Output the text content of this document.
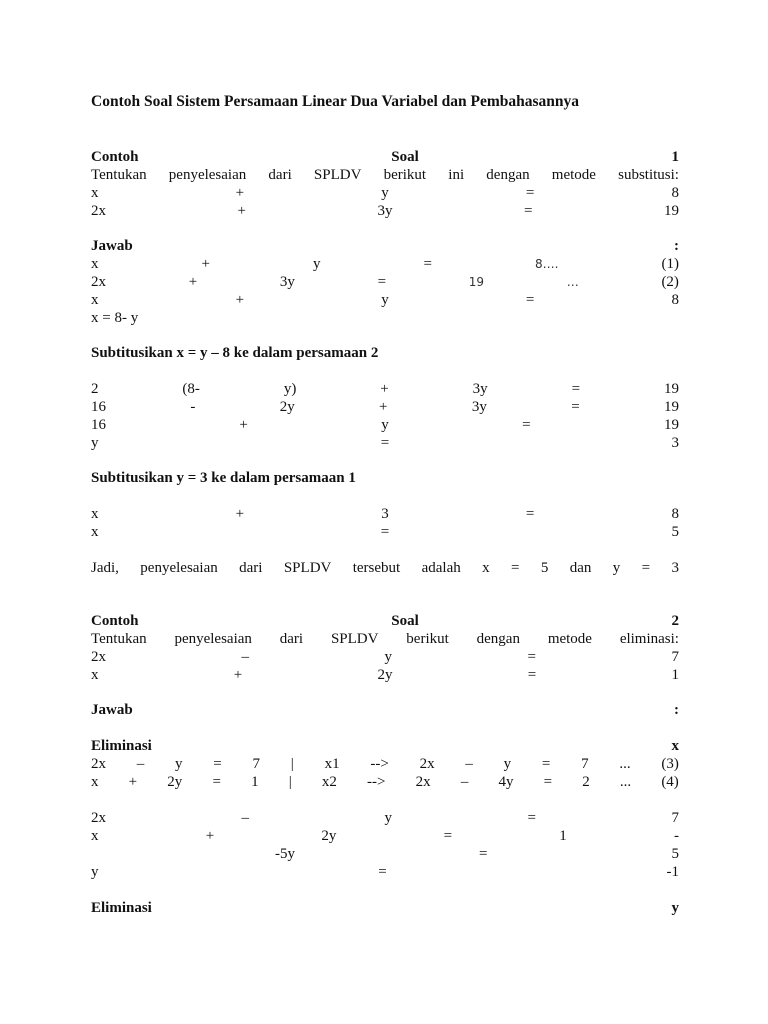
Contoh Soal Sistem Persamaan Linear Dua Variabel dan Pembahasannya
Contoh	Soal	1
Tentukan penyelesaian dari SPLDV berikut ini dengan metode substitusi:
x	+	y	=	8
2x	+	3y	=	19
Jawab	:
x	+	y	=	8….	(1)
2x	+	3y	=	19	…	(2)
x	+	y	=	8
x = 8- y
Subtitusikan x = y – 8 ke dalam persamaan 2
2	(8-	y)	+	3y	=	19
16	-	2y	+	3y	=	19
16	+	y	=	19
y	=	3
Subtitusikan y = 3 ke dalam persamaan 1
x	+	3	=	8
x	=	5
Jadi, penyelesaian dari SPLDV tersebut adalah x = 5 dan y = 3
Contoh	Soal	2
Tentukan penyelesaian dari SPLDV berikut dengan metode eliminasi:
2x	–	y	=	7
x	+	2y	=	1
Jawab	:
Eliminasi	x
2x – y = 7 | x1 --> 2x – y = 7 ... (3)
x + 2y = 1 | x2 --> 2x – 4y = 2 ... (4)
2x	–	y	=	7
x	+	2y	=	1	-
-5y	=	5
y	=	-1
Eliminasi	y
